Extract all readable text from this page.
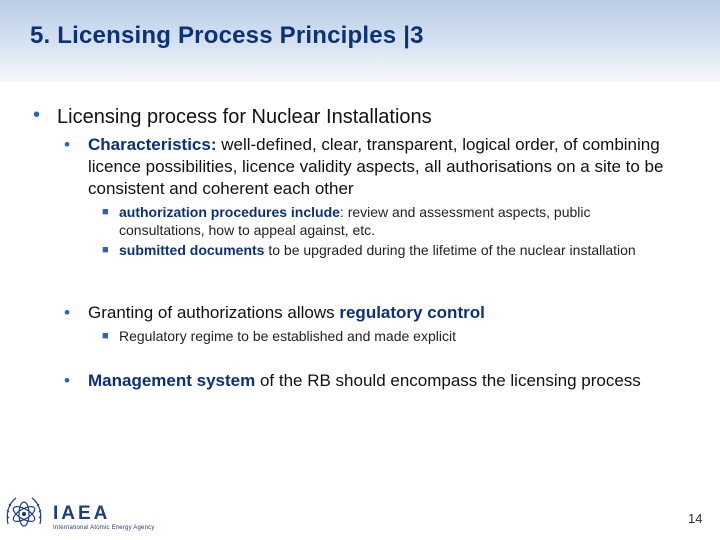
5. Licensing Process Principles |3
• Licensing process for Nuclear Installations
• Characteristics: well-defined, clear, transparent, logical order, of combining licence possibilities, licence validity aspects, all authorisations on a site to be consistent and coherent each other
■ authorization procedures include: review and assessment aspects, public consultations, how to appeal against, etc.
■ submitted documents to be upgraded during the lifetime of the nuclear installation
• Granting of authorizations allows regulatory control
■ Regulatory regime to be established and made explicit
• Management system of the RB should encompass the licensing process
IAEA
International Atomic Energy Agency
14
